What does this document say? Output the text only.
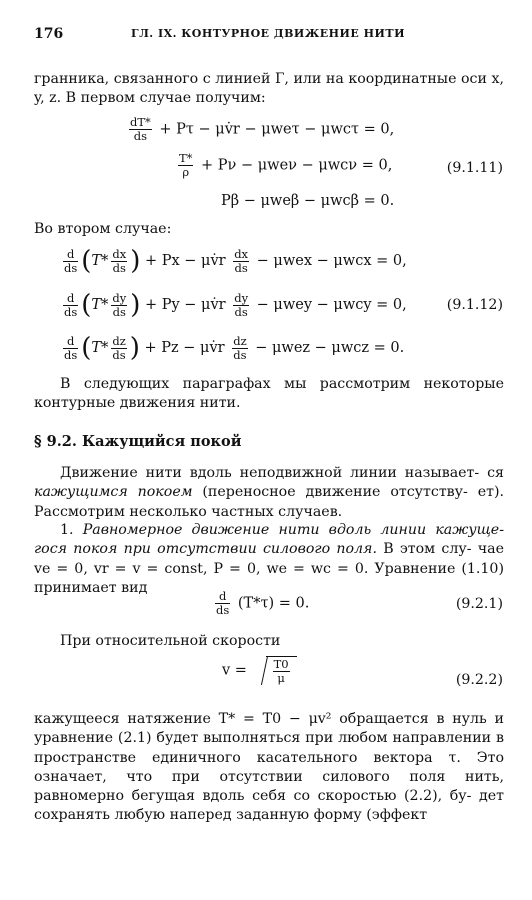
176	ГЛ. IX. КОНТУРНОЕ ДВИЖЕНИЕ НИТИ
гранника, связанного с линией Г, или на координатные оси x, y, z. В первом случае получим:
$\frac{dT*}{ds} + P\tau$ − μv̇r − μweτ − μwcτ = 0,
$\frac{T*}{\rho} + P\nu - \mu we\nu - \mu wc\nu = 0$,	(9.1.11)
Pβ − μweβ − μwcβ = 0.
Во втором случае:
$\frac{d}{ds} (T* \frac{dx}{ds}$ ) + Px − μv̇r $\frac{dx}{ds} - \mu wex - \mu wcx = 0$,
$\frac{d}{ds} (T* \frac{dy}{ds}$ ) + Py − μv̇r $\frac{dy}{ds} - \mu wey - \mu wcy = 0$,	(9.1.12)
$\frac{d}{ds} (T* \frac{dz}{ds}$ ) + Pz − μv̇r $\frac{dz}{ds} - \mu wez - \mu wcz = 0$.
В следующих параграфах мы рассмотрим некоторые контурные движения нити.
§ 9.2. Кажущийся покой
Движение нити вдоль неподвижной линии называет- ся кажущимся покоем (переносное движение отсутству- ет). Рассмотрим несколько частных случаев.
1. Равномерное движение нити вдоль линии кажуще- гося покоя при отсутствии силового поля. В этом слу- чае ve = 0, vr = v = const, P = 0, we = wc = 0. Уравнение (1.10) принимает вид
$\frac{d}{ds} (T*\tau) = 0$.	(9.2.1)
При относительной скорости
$v = \frac{T0}{\mu}$	(9.2.2)
кажущееся натяжение T* = T0 − μv² обращается в нуль и уравнение (2.1) будет выполняться при любом направлении в пространстве единичного касательного вектора τ. Это означает, что при отсутствии силового поля нить, равномерно бегущая вдоль себя со скоростью (2.2), бу- дет сохранять любую наперед заданную форму (эффект
